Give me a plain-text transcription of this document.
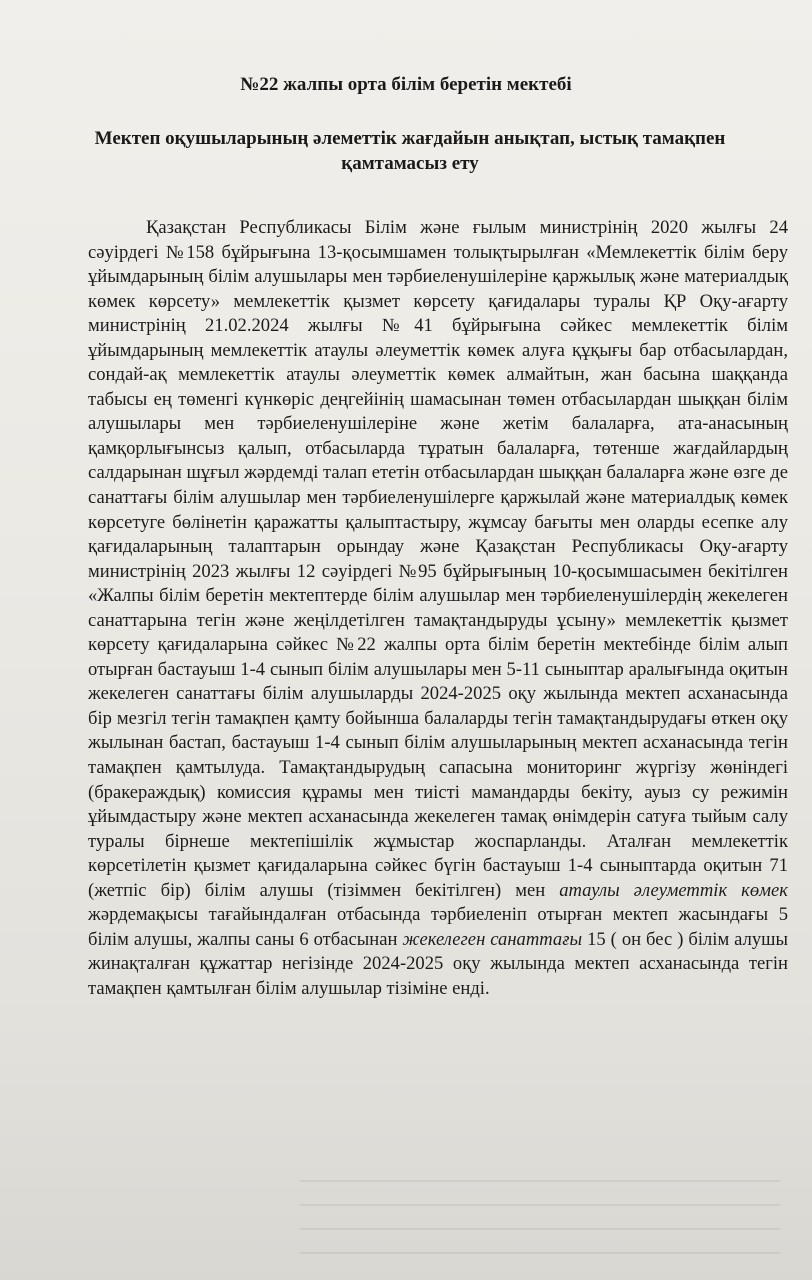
№22 жалпы орта білім беретін мектебі
Мектеп оқушыларының әлеметтік жағдайын анықтап, ыстық тамақпен қамтамасыз ету
Қазақстан Республикасы Білім және ғылым министрінің 2020 жылғы 24 сәуірдегі №158 бұйрығына 13-қосымшамен толықтырылған «Мемлекеттік білім беру ұйымдарының білім алушылары мен тәрбиеленушілеріне қаржылық және материалдық көмек көрсету» мемлекеттік қызмет көрсету қағидалары туралы ҚР Оқу-ағарту министрінің 21.02.2024 жылғы №41 бұйрығына сәйкес мемлекеттік білім ұйымдарының мемлекеттік атаулы әлеуметтік көмек алуға құқығы бар отбасылардан, сондай-ақ мемлекеттік атаулы әлеуметтік көмек алмайтын, жан басына шаққанда табысы ең төменгі күнкөріс деңгейінің шамасынан төмен отбасылардан шыққан білім алушылары мен тәрбиеленушілеріне және жетім балаларға, ата-анасының қамқорлығынсыз қалып, отбасыларда тұратын балаларға, төтенше жағдайлардың салдарынан шұғыл жәрдемді талап ететін отбасылардан шыққан балаларға және өзге де санаттағы білім алушылар мен тәрбиеленушілерге қаржылай және материалдық көмек көрсетуге бөлінетін қаражатты қалыптастыру, жұмсау бағыты мен оларды есепке алу қағидаларының талаптарын орындау және Қазақстан Республикасы Оқу-ағарту министрінің 2023 жылғы 12 сәуірдегі №95 бұйрығының 10-қосымшасымен бекітілген «Жалпы білім беретін мектептерде білім алушылар мен тәрбиеленушілердің жекелеген санаттарына тегін және жеңілдетілген тамақтандыруды ұсыну» мемлекеттік қызмет көрсету қағидаларына сәйкес №22 жалпы орта білім беретін мектебінде білім алып отырған бастауыш 1-4 сынып білім алушылары мен 5-11 сыныптар аралығында оқитын жекелеген санаттағы білім алушыларды 2024-2025 оқу жылында мектеп асханасында бір мезгіл тегін тамақпен қамту бойынша балаларды тегін тамақтандырудағы өткен оқу жылынан бастап, бастауыш 1-4 сынып білім алушыларының мектеп асханасында тегін тамақпен қамтылуда. Тамақтандырудың сапасына мониторинг жүргізу жөніндегі (бракераждық) комиссия құрамы мен тиісті мамандарды бекіту, ауыз су режимін ұйымдастыру және мектеп асханасында жекелеген тамақ өнімдерін сатуға тыйым салу туралы бірнеше мектепішілік жұмыстар жоспарланды. Аталған мемлекеттік көрсетілетін қызмет қағидаларына сәйкес бүгін бастауыш 1-4 сыныптарда оқитын 71 (жетпіс бір) білім алушы (тізіммен бекітілген) мен атаулы әлеуметтік көмек жәрдемақысы тағайындалған отбасында тәрбиеленіп отырған мектеп жасындағы 5 білім алушы, жалпы саны 6 отбасынан жекелеген санаттағы 15 ( он бес ) білім алушы жинақталған құжаттар негізінде 2024-2025 оқу жылында мектеп асханасында тегін тамақпен қамтылған білім алушылар тізіміне енді.
